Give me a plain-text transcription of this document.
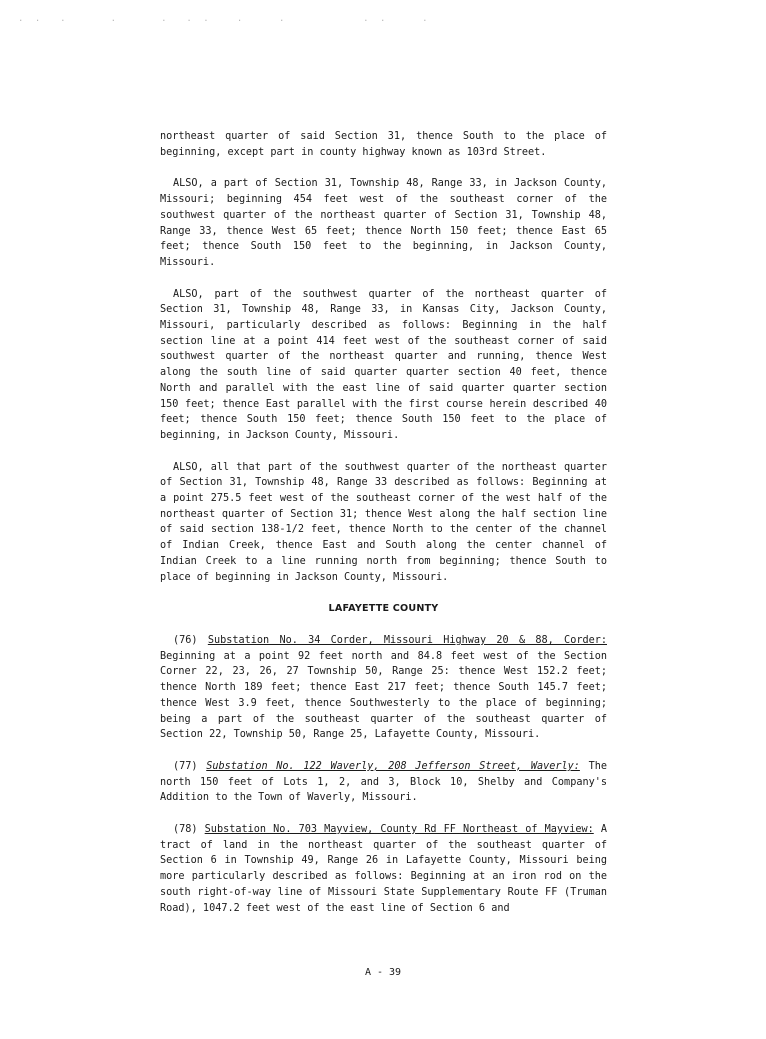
. .  .     .     .  . .   .    .         . .    .

northeast quarter of said Section 31, thence South to the place of beginning, except part in county highway known as 103rd Street.

ALSO, a part of Section 31, Township 48, Range 33, in Jackson County, Missouri; beginning 454 feet west of the southeast corner of the southwest quarter of the northeast quarter of Section 31, Township 48, Range 33, thence West 65 feet; thence North 150 feet; thence East 65 feet; thence South 150 feet to the beginning, in Jackson County, Missouri.

ALSO, part of the southwest quarter of the northeast quarter of Section 31, Township 48, Range 33, in Kansas City, Jackson County, Missouri, particularly described as follows: Beginning in the half section line at a point 414 feet west of the southeast corner of said southwest quarter of the northeast quarter and running, thence West along the south line of said quarter quarter section 40 feet, thence North and parallel with the east line of said quarter quarter section 150 feet; thence East parallel with the first course herein described 40 feet; thence South 150 feet; thence South 150 feet to the place of beginning, in Jackson County, Missouri.

ALSO, all that part of the southwest quarter of the northeast quarter of Section 31, Township 48, Range 33 described as follows: Beginning at a point 275.5 feet west of the southeast corner of the west half of the northeast quarter of Section 31; thence West along the half section line of said section 138-1/2 feet, thence North to the center of the channel of Indian Creek, thence East and South along the center channel of Indian Creek to a line running north from beginning; thence South to place of beginning in Jackson County, Missouri.

LAFAYETTE COUNTY

(76) Substation No. 34 Corder, Missouri Highway 20 & 88, Corder: Beginning at a point 92 feet north and 84.8 feet west of the Section Corner 22, 23, 26, 27 Township 50, Range 25: thence West 152.2 feet; thence North 189 feet; thence East 217 feet; thence South 145.7 feet; thence West 3.9 feet, thence Southwesterly to the place of beginning; being a part of the southeast quarter of the southeast quarter of Section 22, Township 50, Range 25, Lafayette County, Missouri.

(77) Substation No. 122 Waverly, 208 Jefferson Street, Waverly: The north 150 feet of Lots 1, 2, and 3, Block 10, Shelby and Company's Addition to the Town of Waverly, Missouri.

(78) Substation No. 703 Mayview, County Rd FF Northeast of Mayview: A tract of land in the northeast quarter of the southeast quarter of Section 6 in Township 49, Range 26 in Lafayette County, Missouri being more particularly described as follows: Beginning at an iron rod on the south right-of-way line of Missouri State Supplementary Route FF (Truman Road), 1047.2 feet west of the east line of Section 6 and

A - 39
